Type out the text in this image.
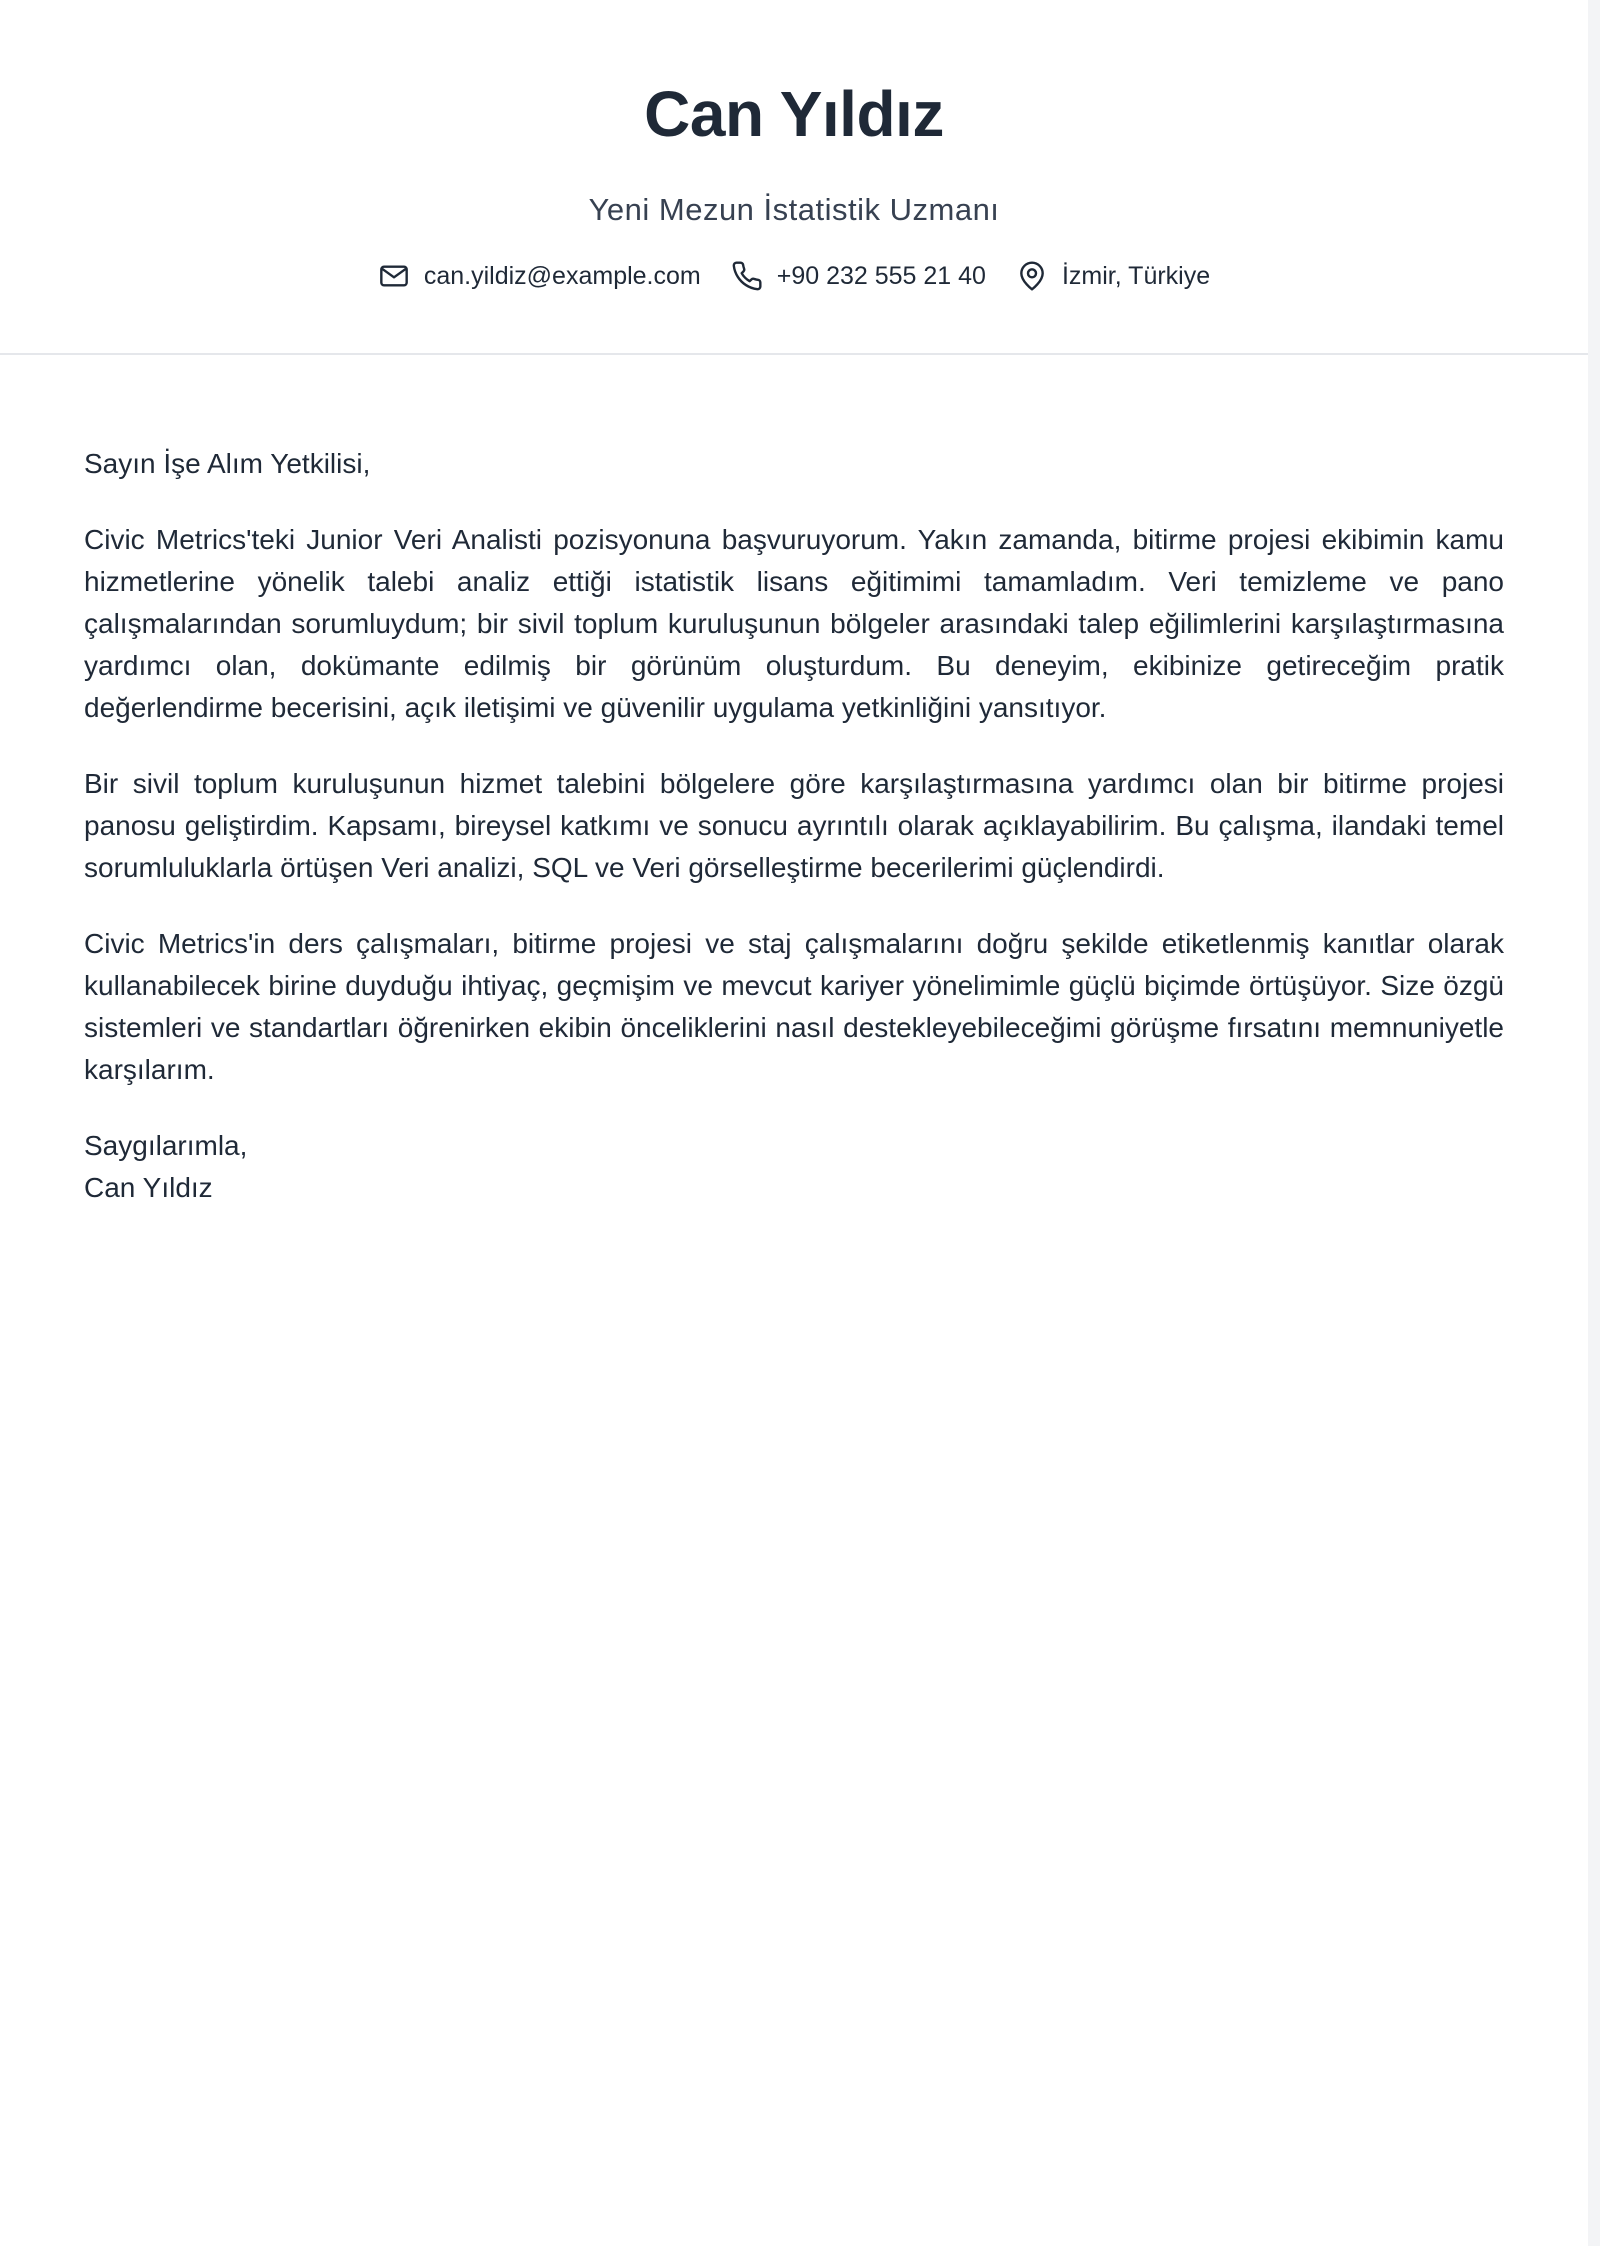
Can Yıldız

Yeni Mezun İstatistik Uzmanı

can.yildiz@example.com	+90 232 555 21 40	İzmir, Türkiye

Sayın İşe Alım Yetkilisi,

Civic Metrics'teki Junior Veri Analisti pozisyonuna başvuruyorum. Yakın zamanda, bitirme projesi ekibimin kamu hizmetlerine yönelik talebi analiz ettiği istatistik lisans eğitimimi tamamladım. Veri temizleme ve pano çalışmalarından sorumluydum; bir sivil toplum kuruluşunun bölgeler arasındaki talep eğilimlerini karşılaştırmasına yardımcı olan, dokümante edilmiş bir görünüm oluşturdum. Bu deneyim, ekibinize getireceğim pratik değerlendirme becerisini, açık iletişimi ve güvenilir uygulama yetkinliğini yansıtıyor.

Bir sivil toplum kuruluşunun hizmet talebini bölgelere göre karşılaştırmasına yardımcı olan bir bitirme projesi panosu geliştirdim. Kapsamı, bireysel katkımı ve sonucu ayrıntılı olarak açıklayabilirim. Bu çalışma, ilandaki temel sorumluluklarla örtüşen Veri analizi, SQL ve Veri görselleştirme becerilerimi güçlendirdi.

Civic Metrics'in ders çalışmaları, bitirme projesi ve staj çalışmalarını doğru şekilde etiketlenmiş kanıtlar olarak kullanabilecek birine duyduğu ihtiyaç, geçmişim ve mevcut kariyer yönelimimle güçlü biçimde örtüşüyor. Size özgü sistemleri ve standartları öğrenirken ekibin önceliklerini nasıl destekleyebileceğimi görüşme fırsatını memnuniyetle karşılarım.

Saygılarımla,

Can Yıldız
